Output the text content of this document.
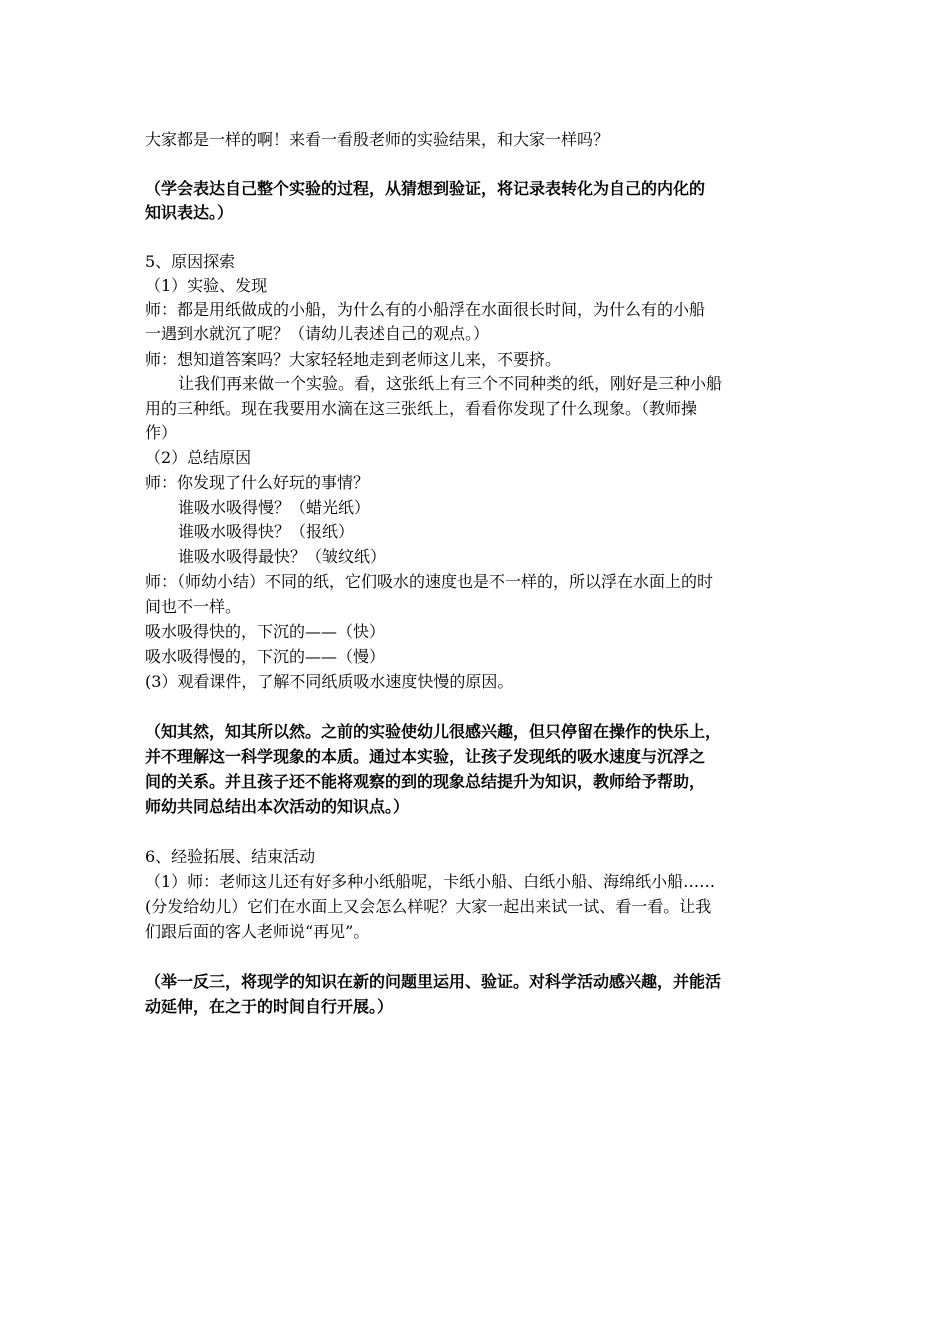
大家都是一样的啊！来看一看殷老师的实验结果，和大家一样吗？
（学会表达自己整个实验的过程，从猜想到验证，将记录表转化为自己的内化的
知识表达。）
5、原因探索
（1）实验、发现
师：都是用纸做成的小船，为什么有的小船浮在水面很长时间，为什么有的小船
一遇到水就沉了呢？（请幼儿表述自己的观点。）
师：想知道答案吗？大家轻轻地走到老师这儿来，不要挤。
让我们再来做一个实验。看，这张纸上有三个不同种类的纸，刚好是三种小船
用的三种纸。现在我要用水滴在这三张纸上，看看你发现了什么现象。（教师操
作）
（2）总结原因
师：你发现了什么好玩的事情？
谁吸水吸得慢？（蜡光纸）
谁吸水吸得快？（报纸）
谁吸水吸得最快？（皱纹纸）
师：（师幼小结）不同的纸，它们吸水的速度也是不一样的，所以浮在水面上的时
间也不一样。
吸水吸得快的，下沉的——（快）
吸水吸得慢的，下沉的——（慢）
(3）观看课件，了解不同纸质吸水速度快慢的原因。
（知其然，知其所以然。之前的实验使幼儿很感兴趣，但只停留在操作的快乐上，
并不理解这一科学现象的本质。通过本实验，让孩子发现纸的吸水速度与沉浮之
间的关系。并且孩子还不能将观察的到的现象总结提升为知识，教师给予帮助，
师幼共同总结出本次活动的知识点。）
6、经验拓展、结束活动
（1）师：老师这儿还有好多种小纸船呢，卡纸小船、白纸小船、海绵纸小船……
(分发给幼儿）它们在水面上又会怎么样呢？大家一起出来试一试、看一看。让我
们跟后面的客人老师说“再见”。
（举一反三，将现学的知识在新的问题里运用、验证。对科学活动感兴趣，并能活
动延伸，在之于的时间自行开展。）
